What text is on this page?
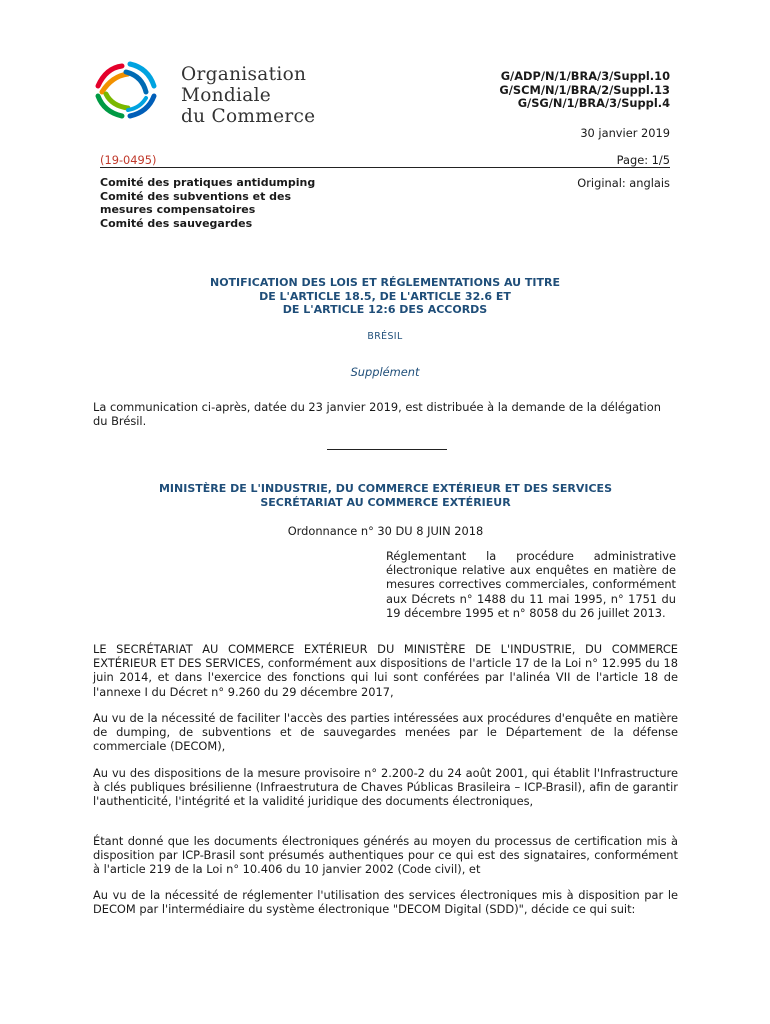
Organisation
Mondiale
du Commerce
G/ADP/N/1/BRA/3/Suppl.10
G/SCM/N/1/BRA/2/Suppl.13
G/SG/N/1/BRA/3/Suppl.4
30 janvier 2019
(19-0495)	Page: 1/5
Comité des pratiques antidumping
Comité des subventions et des
mesures compensatoires
Comité des sauvegardes
Original: anglais
NOTIFICATION DES LOIS ET RÉGLEMENTATIONS AU TITRE
DE L'ARTICLE 18.5, DE L'ARTICLE 32.6 ET
DE L'ARTICLE 12:6 DES ACCORDS
BRÉSIL
Supplément
La communication ci-après, datée du 23 janvier 2019, est distribuée à la demande de la délégation du Brésil.
MINISTÈRE DE L'INDUSTRIE, DU COMMERCE EXTÉRIEUR ET DES SERVICES
SECRÉTARIAT AU COMMERCE EXTÉRIEUR
Ordonnance n° 30 DU 8 JUIN 2018
Réglementant la procédure administrative électronique relative aux enquêtes en matière de mesures correctives commerciales, conformément aux Décrets n° 1488 du 11 mai 1995, n° 1751 du 19 décembre 1995 et n° 8058 du 26 juillet 2013.
LE SECRÉTARIAT AU COMMERCE EXTÉRIEUR DU MINISTÈRE DE L'INDUSTRIE, DU COMMERCE EXTÉRIEUR ET DES SERVICES, conformément aux dispositions de l'article 17 de la Loi n° 12.995 du 18 juin 2014, et dans l'exercice des fonctions qui lui sont conférées par l'alinéa VII de l'article 18 de l'annexe I du Décret n° 9.260 du 29 décembre 2017,
Au vu de la nécessité de faciliter l'accès des parties intéressées aux procédures d'enquête en matière de dumping, de subventions et de sauvegardes menées par le Département de la défense commerciale (DECOM),
Au vu des dispositions de la mesure provisoire n° 2.200-2 du 24 août 2001, qui établit l'Infrastructure à clés publiques brésilienne (Infraestrutura de Chaves Públicas Brasileira – ICP-Brasil), afin de garantir l'authenticité, l'intégrité et la validité juridique des documents électroniques,
Étant donné que les documents électroniques générés au moyen du processus de certification mis à disposition par ICP-Brasil sont présumés authentiques pour ce qui est des signataires, conformément à l'article 219 de la Loi n° 10.406 du 10 janvier 2002 (Code civil), et
Au vu de la nécessité de réglementer l'utilisation des services électroniques mis à disposition par le DECOM par l'intermédiaire du système électronique "DECOM Digital (SDD)", décide ce qui suit:
